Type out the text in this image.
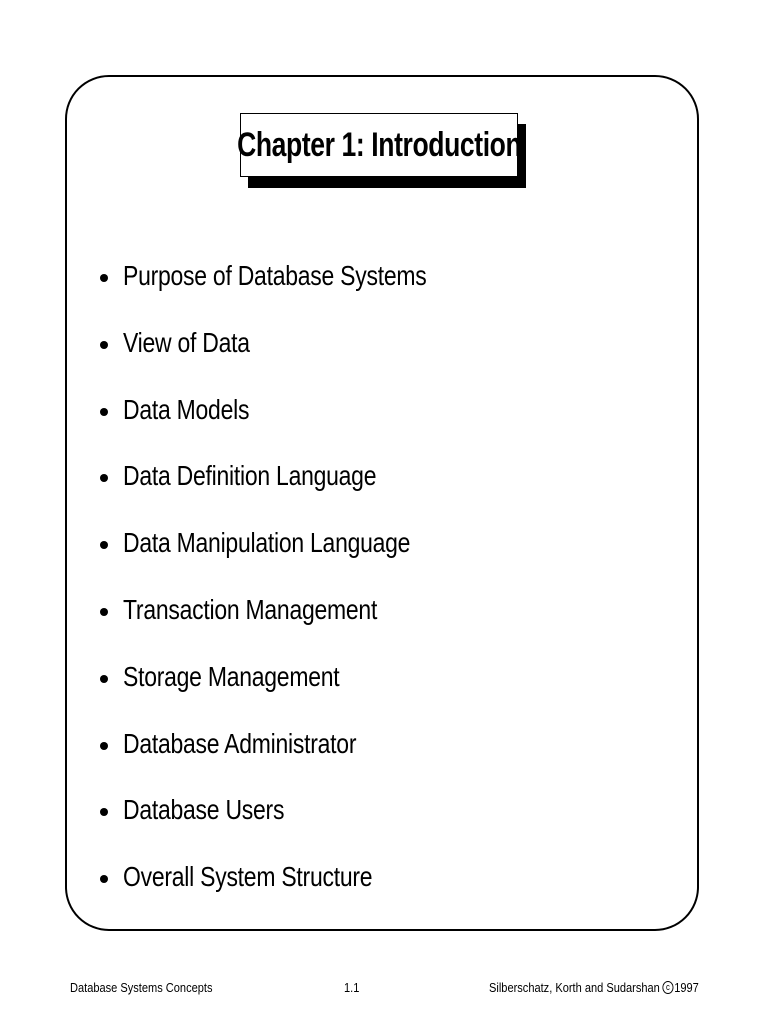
Chapter 1: Introduction
Purpose of Database Systems
View of Data
Data Models
Data Definition Language
Data Manipulation Language
Transaction Management
Storage Management
Database Administrator
Database Users
Overall System Structure
Database Systems Concepts	1.1	Silberschatz, Korth and Sudarshan c 1997
